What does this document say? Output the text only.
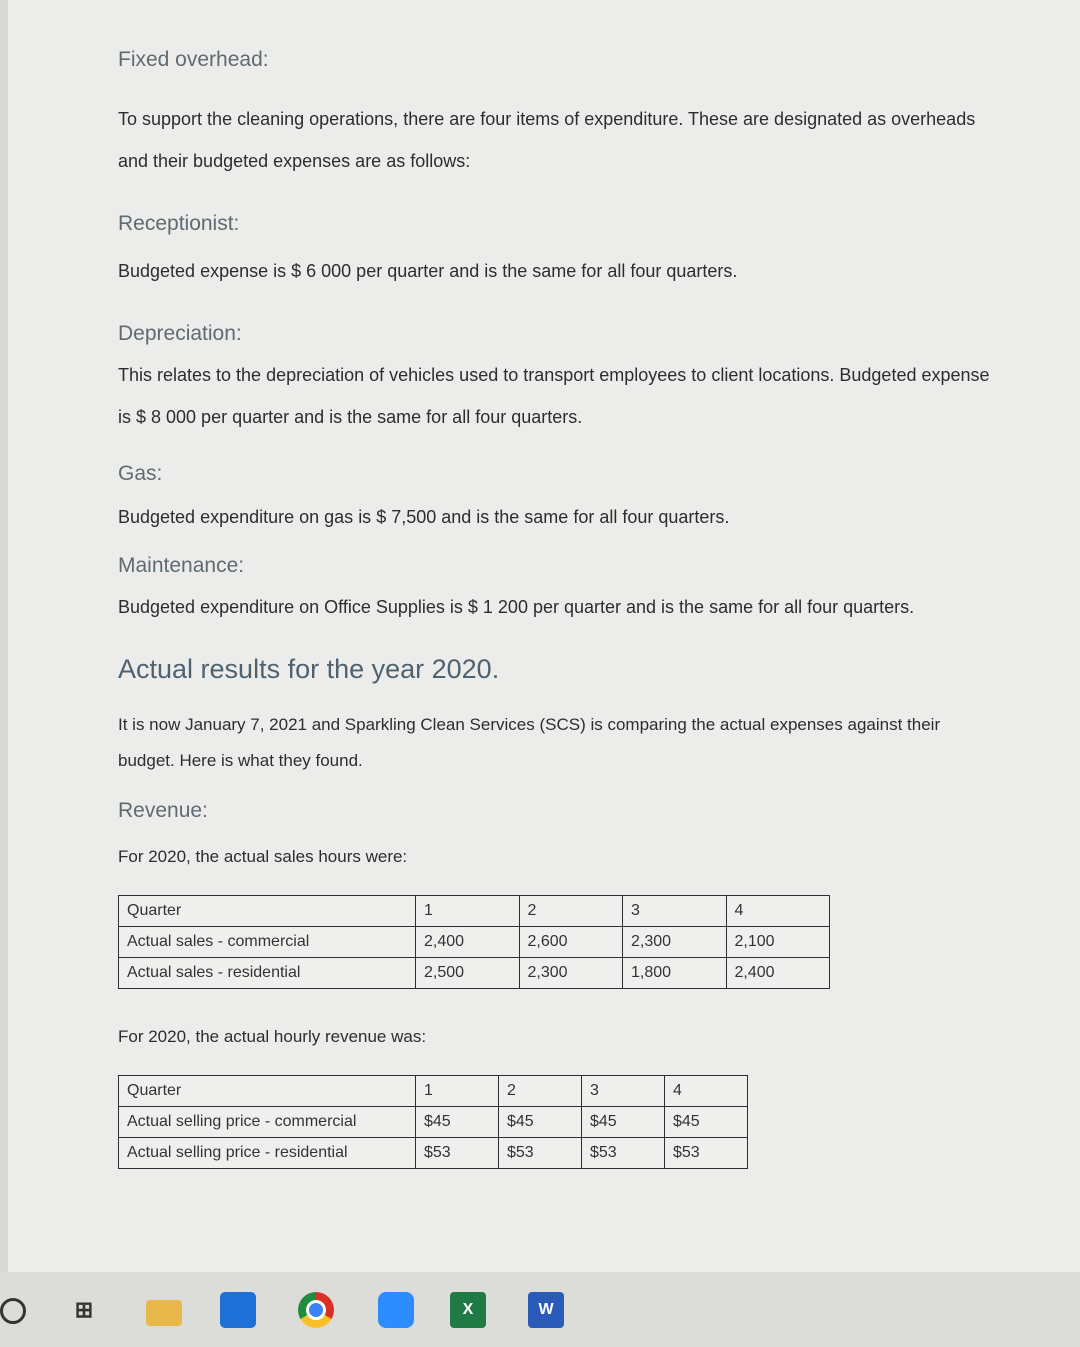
Fixed overhead:

To support the cleaning operations, there are four items of expenditure. These are designated as overheads and their budgeted expenses are as follows:

Receptionist:

Budgeted expense is $ 6 000 per quarter and is the same for all four quarters.

Depreciation:

This relates to the depreciation of vehicles used to transport employees to client locations. Budgeted expense is $ 8 000 per quarter and is the same for all four quarters.

Gas:

Budgeted expenditure on gas is $ 7,500 and is the same for all four quarters.

Maintenance:

Budgeted expenditure on Office Supplies is $ 1 200 per quarter and is the same for all four quarters.

Actual results for the year 2020.

It is now January 7, 2021 and Sparkling Clean Services (SCS) is comparing the actual expenses against their budget. Here is what they found.

Revenue:
For 2020, the actual sales hours were:
Quarter	1	2	3	4
Actual sales - commercial	2,400	2,600	2,300	2,100
Actual sales - residential	2,500	2,300	1,800	2,400
For 2020, the actual hourly revenue was:
Quarter	1	2	3	4
Actual selling price - commercial	$45	$45	$45	$45
Actual selling price - residential	$53	$53	$53	$53
⊞	X	W
